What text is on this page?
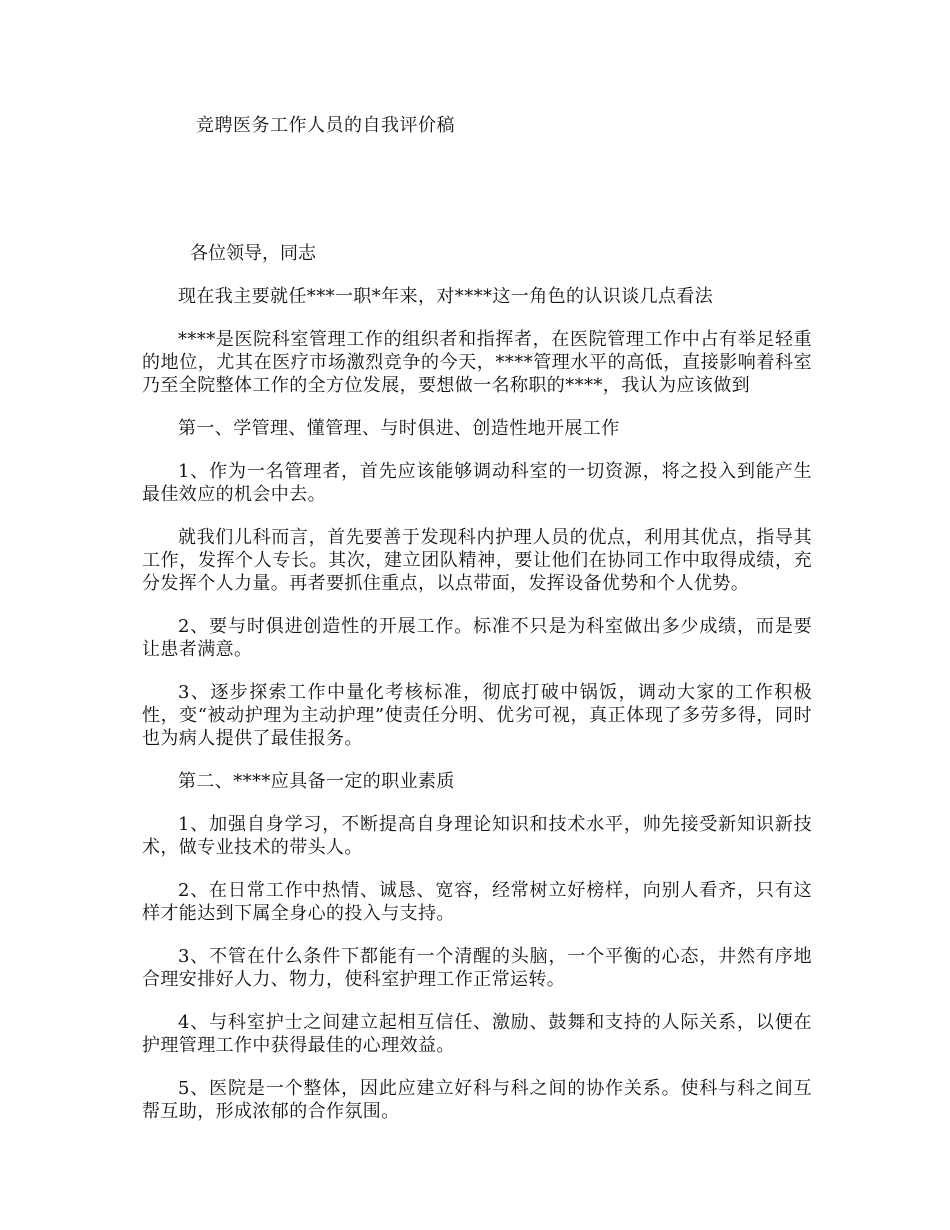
竞聘医务工作人员的自我评价稿
各位领导，同志

现在我主要就任***一职*年来，对****这一角色的认识谈几点看法

****是医院科室管理工作的组织者和指挥者，在医院管理工作中占有举足轻重的地位，尤其在医疗市场激烈竞争的今天，****管理水平的高低，直接影响着科室乃至全院整体工作的全方位发展，要想做一名称职的****，我认为应该做到

第一、学管理、懂管理、与时俱进、创造性地开展工作

1、作为一名管理者，首先应该能够调动科室的一切资源，将之投入到能产生最佳效应的机会中去。

就我们儿科而言，首先要善于发现科内护理人员的优点，利用其优点，指导其工作，发挥个人专长。其次，建立团队精神，要让他们在协同工作中取得成绩，充分发挥个人力量。再者要抓住重点，以点带面，发挥设备优势和个人优势。

2、要与时俱进创造性的开展工作。标准不只是为科室做出多少成绩，而是要让患者满意。

3、逐步探索工作中量化考核标准，彻底打破中锅饭，调动大家的工作积极性，变“被动护理为主动护理”使责任分明、优劣可视，真正体现了多劳多得，同时也为病人提供了最佳报务。

第二、****应具备一定的职业素质

1、加强自身学习，不断提高自身理论知识和技术水平，帅先接受新知识新技术，做专业技术的带头人。

2、在日常工作中热情、诚恳、宽容，经常树立好榜样，向别人看齐，只有这样才能达到下属全身心的投入与支持。

3、不管在什么条件下都能有一个清醒的头脑，一个平衡的心态，井然有序地合理安排好人力、物力，使科室护理工作正常运转。

4、与科室护士之间建立起相互信任、激励、鼓舞和支持的人际关系，以便在护理管理工作中获得最佳的心理效益。

5、医院是一个整体，因此应建立好科与科之间的协作关系。使科与科之间互帮互助，形成浓郁的合作氛围。
